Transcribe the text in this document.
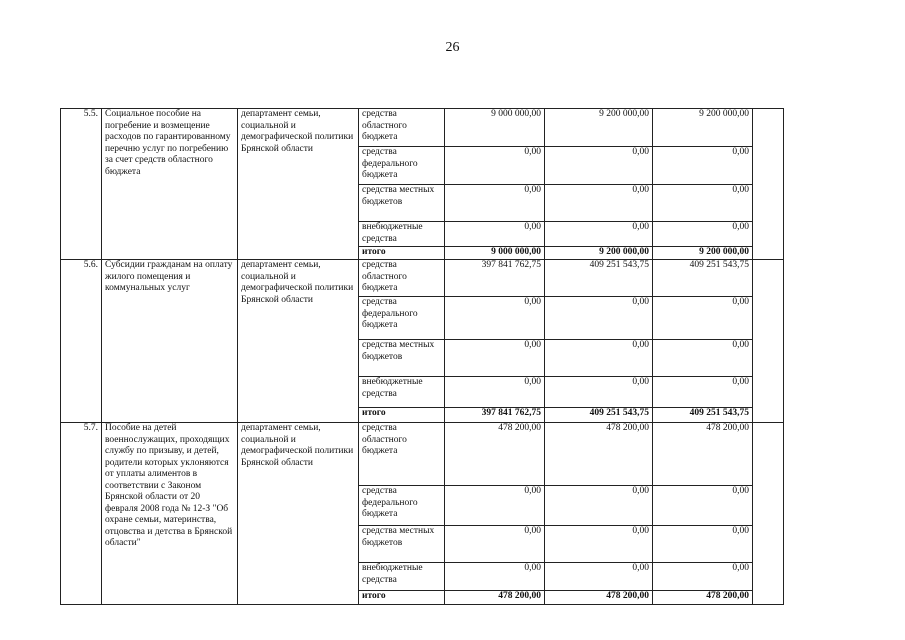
26
5.5.	Социальное пособие на погребение и возмещение расходов по гарантированному перечню услуг по погребению за счет средств областного бюджета	департамент семьи, социальной и демографической политики Брянской области	средства областного бюджета	9 000 000,00	9 200 000,00	9 200 000,00	
			средства федерального бюджета	0,00	0,00	0,00	
			средства местных бюджетов	0,00	0,00	0,00	
			внебюджетные средства	0,00	0,00	0,00	
			итого	9 000 000,00	9 200 000,00	9 200 000,00	
5.6.	Субсидии гражданам на оплату жилого помещения и коммунальных услуг	департамент семьи, социальной и демографической политики Брянской области	средства областного бюджета	397 841 762,75	409 251 543,75	409 251 543,75	
			средства федерального бюджета	0,00	0,00	0,00	
			средства местных бюджетов	0,00	0,00	0,00	
			внебюджетные средства	0,00	0,00	0,00	
			итого	397 841 762,75	409 251 543,75	409 251 543,75	
5.7.	Пособие на детей военнослужащих, проходящих службу по призыву, и детей, родители которых уклоняются от уплаты алиментов в соответствии с Законом Брянской области от 20 февраля 2008 года № 12-З "Об охране семьи, материнства, отцовства и детства в Брянской области"	департамент семьи, социальной и демографической политики Брянской области	средства областного бюджета	478 200,00	478 200,00	478 200,00	
			средства федерального бюджета	0,00	0,00	0,00	
			средства местных бюджетов	0,00	0,00	0,00	
			внебюджетные средства	0,00	0,00	0,00	
			итого	478 200,00	478 200,00	478 200,00	
